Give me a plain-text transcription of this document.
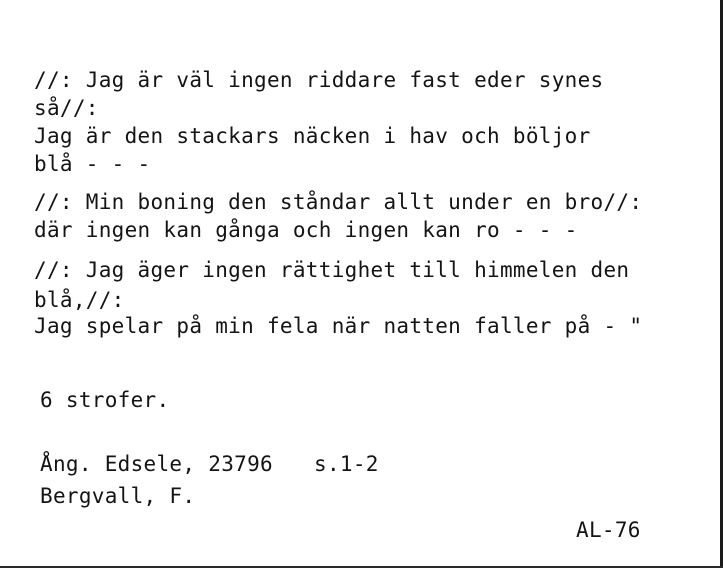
//: Jag är väl ingen riddare fast eder synes
så//:
Jag är den stackars näcken i hav och böljor
blå - - -
//: Min boning den ståndar allt under en bro//:
där ingen kan gånga och ingen kan ro - - -
//: Jag äger ingen rättighet till himmelen den
blå,//:
Jag spelar på min fela när natten faller på - "
6 strofer.
Ång. Edsele, 23796 s.1-2
Bergvall, F.
AL-76
